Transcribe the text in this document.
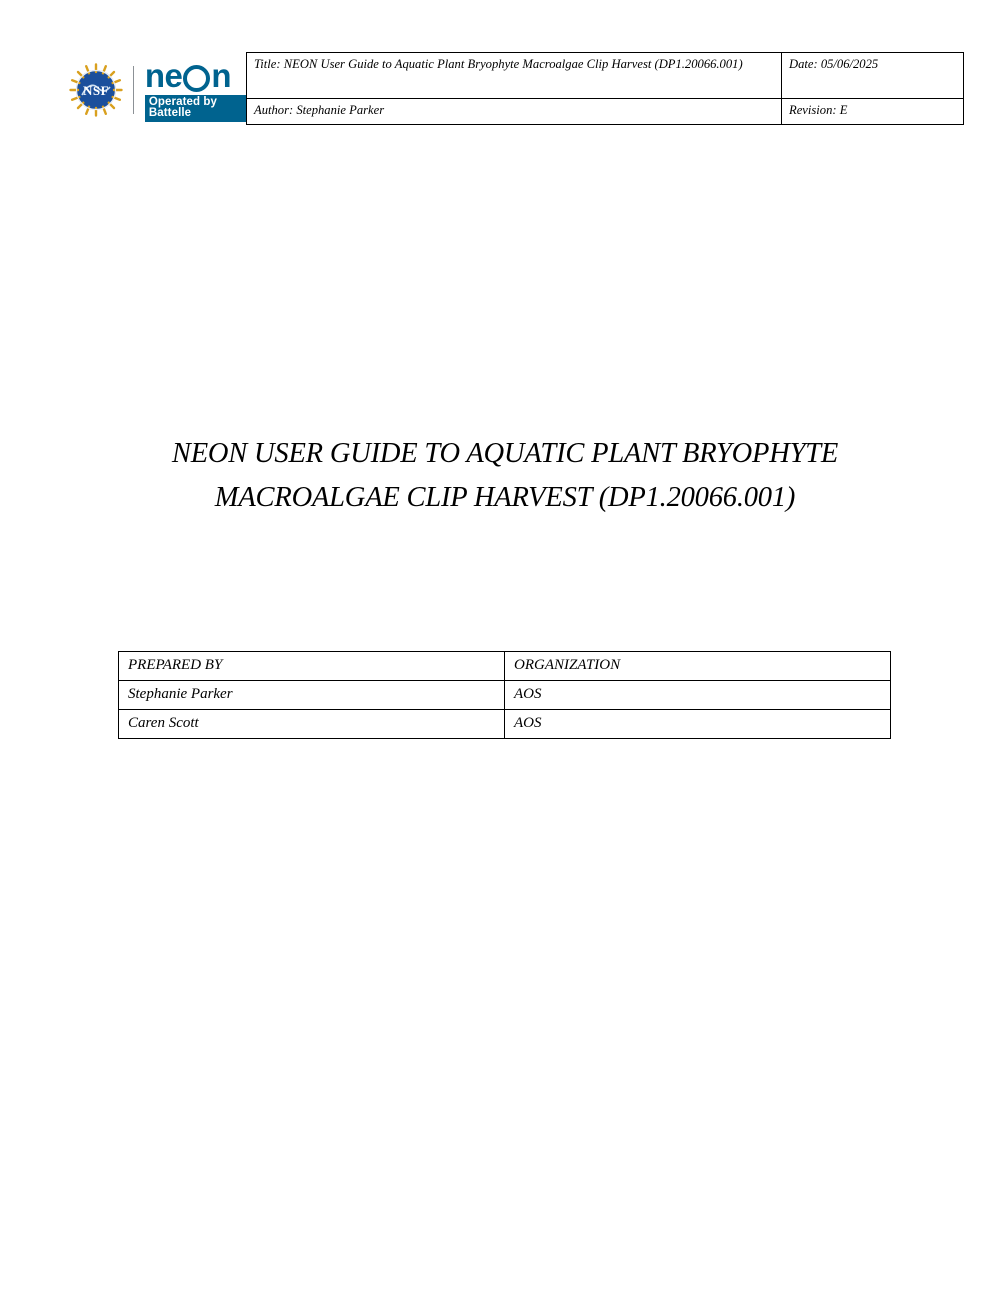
NSF ne n
Operated by Battelle
Title: NEON User Guide to Aquatic Plant Bryophyte Macroalgae Clip Harvest (DP1.20066.001)	Date: 05/06/2025
Author: Stephanie Parker	Revision: E
NEON USER GUIDE TO AQUATIC PLANT BRYOPHYTE
MACROALGAE CLIP HARVEST (DP1.20066.001)
PREPARED BY	ORGANIZATION
Stephanie Parker	AOS
Caren Scott	AOS
